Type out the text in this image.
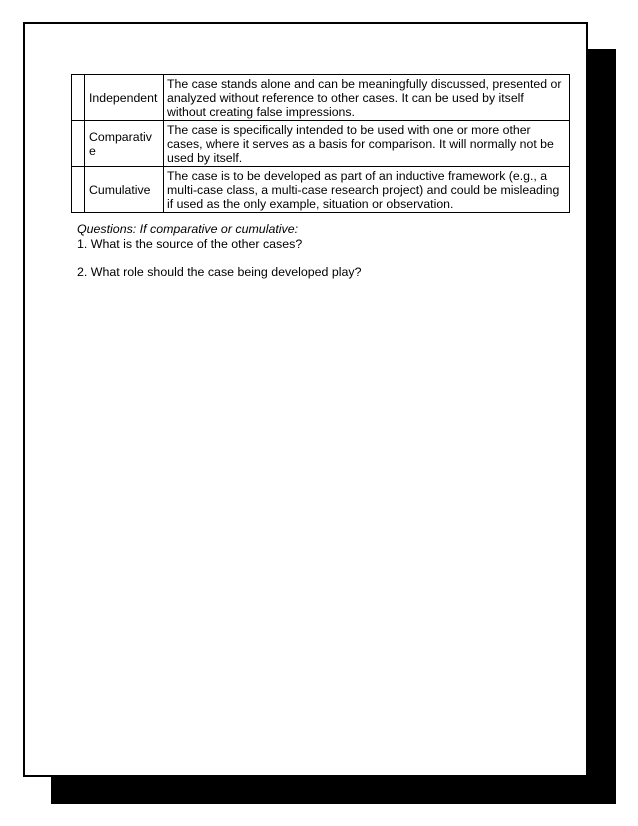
	Independent	The case stands alone and can be meaningfully discussed, presented or analyzed without reference to other cases. It can be used by itself without creating false impressions.
	Comparativ e	The case is specifically intended to be used with one or more other cases, where it serves as a basis for comparison. It will normally not be used by itself.
	Cumulative	The case is to be developed as part of an inductive framework (e.g., a multi-case class, a multi-case research project) and could be misleading if used as the only example, situation or observation.

Questions: If comparative or cumulative:

1. What is the source of the other cases?

2. What role should the case being developed play?
